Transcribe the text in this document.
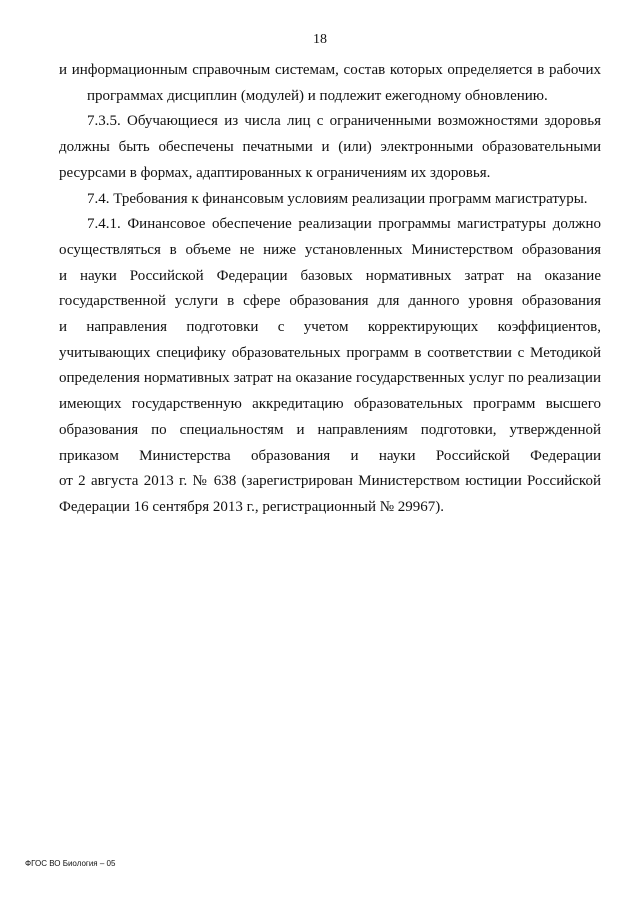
18

и информационным справочным системам, состав которых определяется в рабочих
программах дисциплин (модулей) и подлежит ежегодному обновлению.

7.3.5. Обучающиеся из числа лиц с ограниченными возможностями здоровья
должны быть обеспечены печатными и (или) электронными образовательными
ресурсами в формах, адаптированных к ограничениям их здоровья.

7.4. Требования к финансовым условиям реализации программ магистратуры.

7.4.1. Финансовое обеспечение реализации программы магистратуры должно
осуществляться в объеме не ниже установленных Министерством образования
и науки Российской Федерации базовых нормативных затрат на оказание
государственной услуги в сфере образования для данного уровня образования
и направления подготовки с учетом корректирующих коэффициентов,
учитывающих специфику образовательных программ в соответствии с Методикой
определения нормативных затрат на оказание государственных услуг по реализации
имеющих государственную аккредитацию образовательных программ высшего
образования по специальностям и направлениям подготовки, утвержденной
приказом Министерства образования и науки Российской Федерации
от 2 августа 2013 г. № 638 (зарегистрирован Министерством юстиции Российской
Федерации 16 сентября 2013 г., регистрационный № 29967).

ФГОС ВО Биология – 05
